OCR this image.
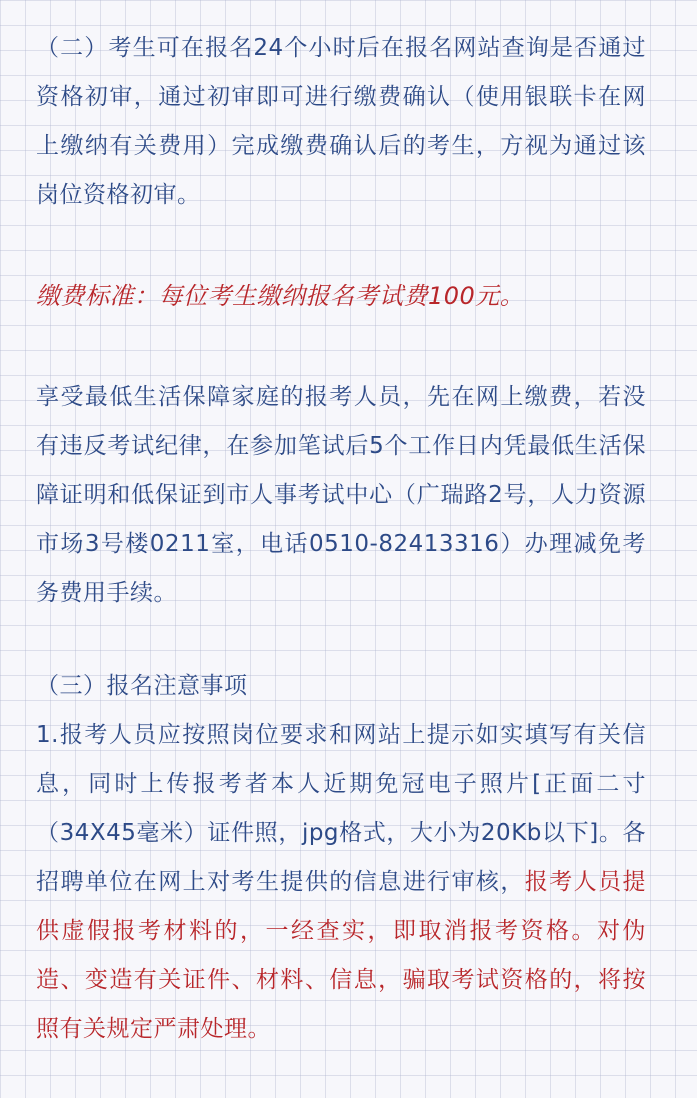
（二）考生可在报名24个小时后在报名网站查询是否通过资格初审，通过初审即可进行缴费确认（使用银联卡在网上缴纳有关费用）完成缴费确认后的考生，方视为通过该岗位资格初审。

缴费标准：每位考生缴纳报名考试费100元。

享受最低生活保障家庭的报考人员，先在网上缴费，若没有违反考试纪律，在参加笔试后5个工作日内凭最低生活保障证明和低保证到市人事考试中心（广瑞路2号，人力资源市场3号楼0211室，电话0510-82413316）办理减免考务费用手续。

（三）报名注意事项

1.报考人员应按照岗位要求和网站上提示如实填写有关信息，同时上传报考者本人近期免冠电子照片[正面二寸（34X45毫米）证件照，jpg格式，大小为20Kb以下]。各招聘单位在网上对考生提供的信息进行审核，报考人员提供虚假报考材料的，一经查实，即取消报考资格。对伪造、变造有关证件、材料、信息，骗取考试资格的，将按照有关规定严肃处理。
